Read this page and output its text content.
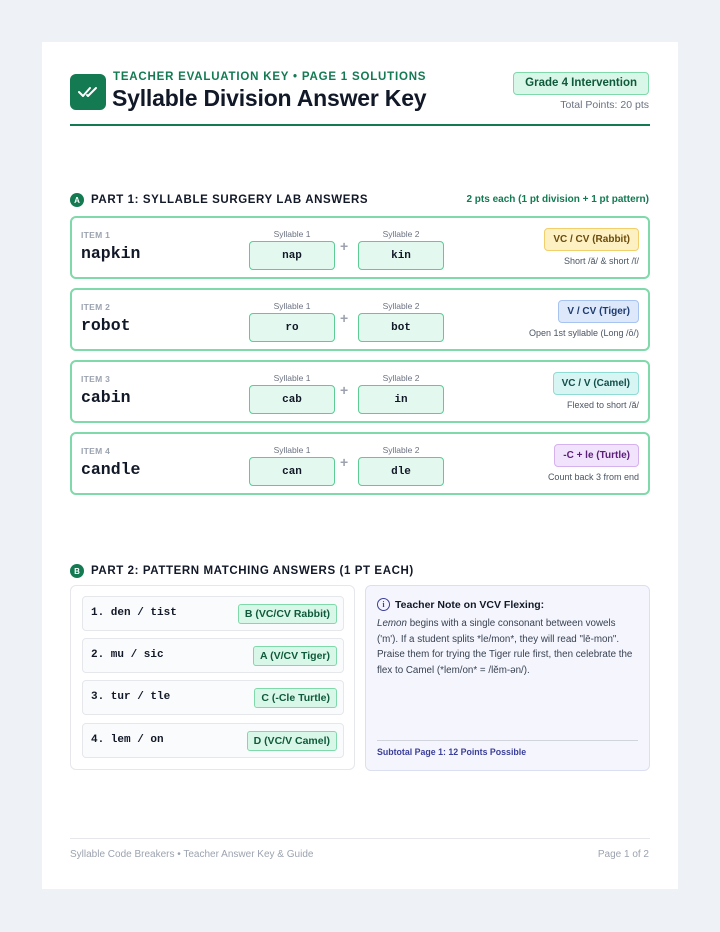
TEACHER EVALUATION KEY • PAGE 1 SOLUTIONS
Syllable Division Answer Key
Grade 4 Intervention
Total Points: 20 pts
A PART 1: SYLLABLE SURGERY LAB ANSWERS	2 pts each (1 pt division + 1 pt pattern)
ITEM 1
napkin
Syllable 1
nap
+
Syllable 2
kin
VC / CV (Rabbit)
Short /ă/ & short /ĭ/
ITEM 2
robot
Syllable 1
ro
+
Syllable 2
bot
V / CV (Tiger)
Open 1st syllable (Long /ō/)
ITEM 3
cabin
Syllable 1
cab
+
Syllable 2
in
VC / V (Camel)
Flexed to short /ă/
ITEM 4
candle
Syllable 1
can
+
Syllable 2
dle
-C + le (Turtle)
Count back 3 from end
B PART 2: PATTERN MATCHING ANSWERS (1 PT EACH)
1. den / tist	B (VC/CV Rabbit)
2. mu / sic	A (V/CV Tiger)
3. tur / tle	C (-Cle Turtle)
4. lem / on	D (VC/V Camel)
i Teacher Note on VCV Flexing:
Lemon begins with a single consonant between vowels ('m'). If a student splits *le/mon*, they will read "lē-mon". Praise them for trying the Tiger rule first, then celebrate the flex to Camel (*lem/on* = /lĕm-ən/).
Subtotal Page 1: 12 Points Possible
Syllable Code Breakers • Teacher Answer Key & Guide	Page 1 of 2
